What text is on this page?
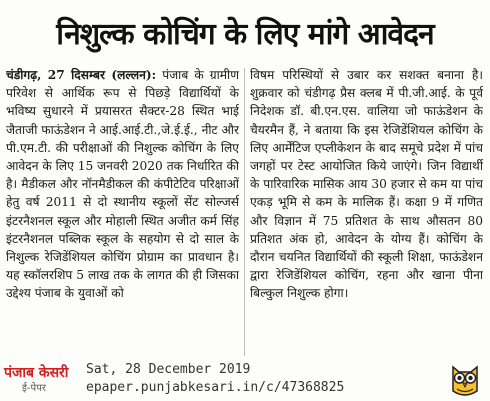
निशुल्क कोचिंग के लिए मांगे आवेदन

चंडीगढ़, 27 दिसम्बर (लल्लन): पंजाब के ग्रामीण परिवेश से आर्थिक रूप से पिछड़े विद्यार्थियों के भविष्य सुधारने में प्रयासरत सैक्टर-28 स्थित भाई जैताजी फाऊंडेशन ने आई.आई.टी.,जे.ई.ई., नीट और पी.एम.टी. की परीक्षाओं की निशुल्क कोचिंग के लिए आवेदन के लिए 15 जनवरी 2020 तक निर्धारित की है। मैडीकल और नॉनमैडीकल की कंपीटेटिव परिक्षाओं हेतु वर्ष 2011 से दो स्थानीय स्कूलों सेंट सोल्जर्स इंटरनैशनल स्कूल और मोहाली स्थित अजीत कर्म सिंह इंटरनैशनल पब्लिक स्कूल के सहयोग से दो साल के निशुल्क रेजिडेंशियल कोचिंग प्रोग्राम का प्रावधान है। यह स्कॉलरशिप 5 लाख तक के लागत की ही जिसका उद्देश्य पंजाब के युवाओं को

विषम परिस्थियों से उबार कर सशक्त बनाना है। शुक्रवार को चंडीगढ़ प्रैस क्लब में पी.जी.आई. के पूर्व निदेशक डॉ. बी.एन.एस. वालिया जो फाऊंडेशन के चैयरमैन हैं, ने बताया कि इस रेजिडेंशियल कोचिंग के लिए आर्मेंटिज एप्लीकेशन के बाद समूचे प्रदेश में पांच जगहों पर टेस्ट आयोजित किये जाएंगे। जिन विद्यार्थी के पारिवारिक मासिक आय 30 हजार से कम या पांच एकड़ भूमि से कम के मालिक हैं। कक्षा 9 में गणित और विज्ञान में 75 प्रतिशत के साथ औसतन 80 प्रतिशत अंक हो, आवेदन के योग्य हैं। कोचिंग के दौरान चयनित विद्यार्थियों की स्कूली शिक्षा, फाऊंडेशन द्वारा रेजिडेंशियल कोचिंग, रहना और खाना पीना बिल्कुल निशुल्क होगा।

पंजाब केसरी
ई-पेपर
Sat, 28 December 2019
epaper.punjabkesari.in/c/47368825
